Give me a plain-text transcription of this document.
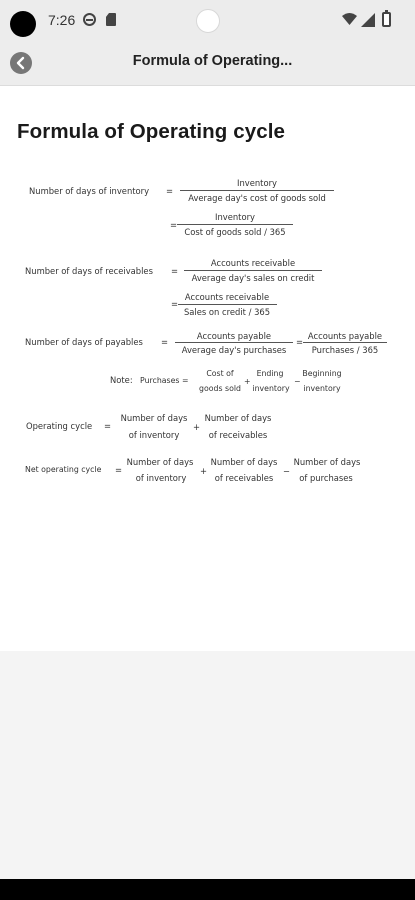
7:26
Formula of Operating...
Formula of Operating cycle
Number of days of inventory =
Inventory
Average day's cost of goods sold
=
Inventory
Cost of goods sold / 365
Number of days of receivables =
Accounts receivable
Average day's sales on credit
=
Accounts receivable
Sales on credit / 365
Number of days of payables =
Accounts payable
Average day's purchases
=
Accounts payable
Purchases / 365
Note: Purchases =
Cost of
goods sold
+
Ending
inventory
−
Beginning
inventory
Operating cycle =
Number of days
of inventory
+
Number of days
of receivables
Net operating cycle =
Number of days
of inventory
+
Number of days
of receivables
−
Number of days
of purchases
